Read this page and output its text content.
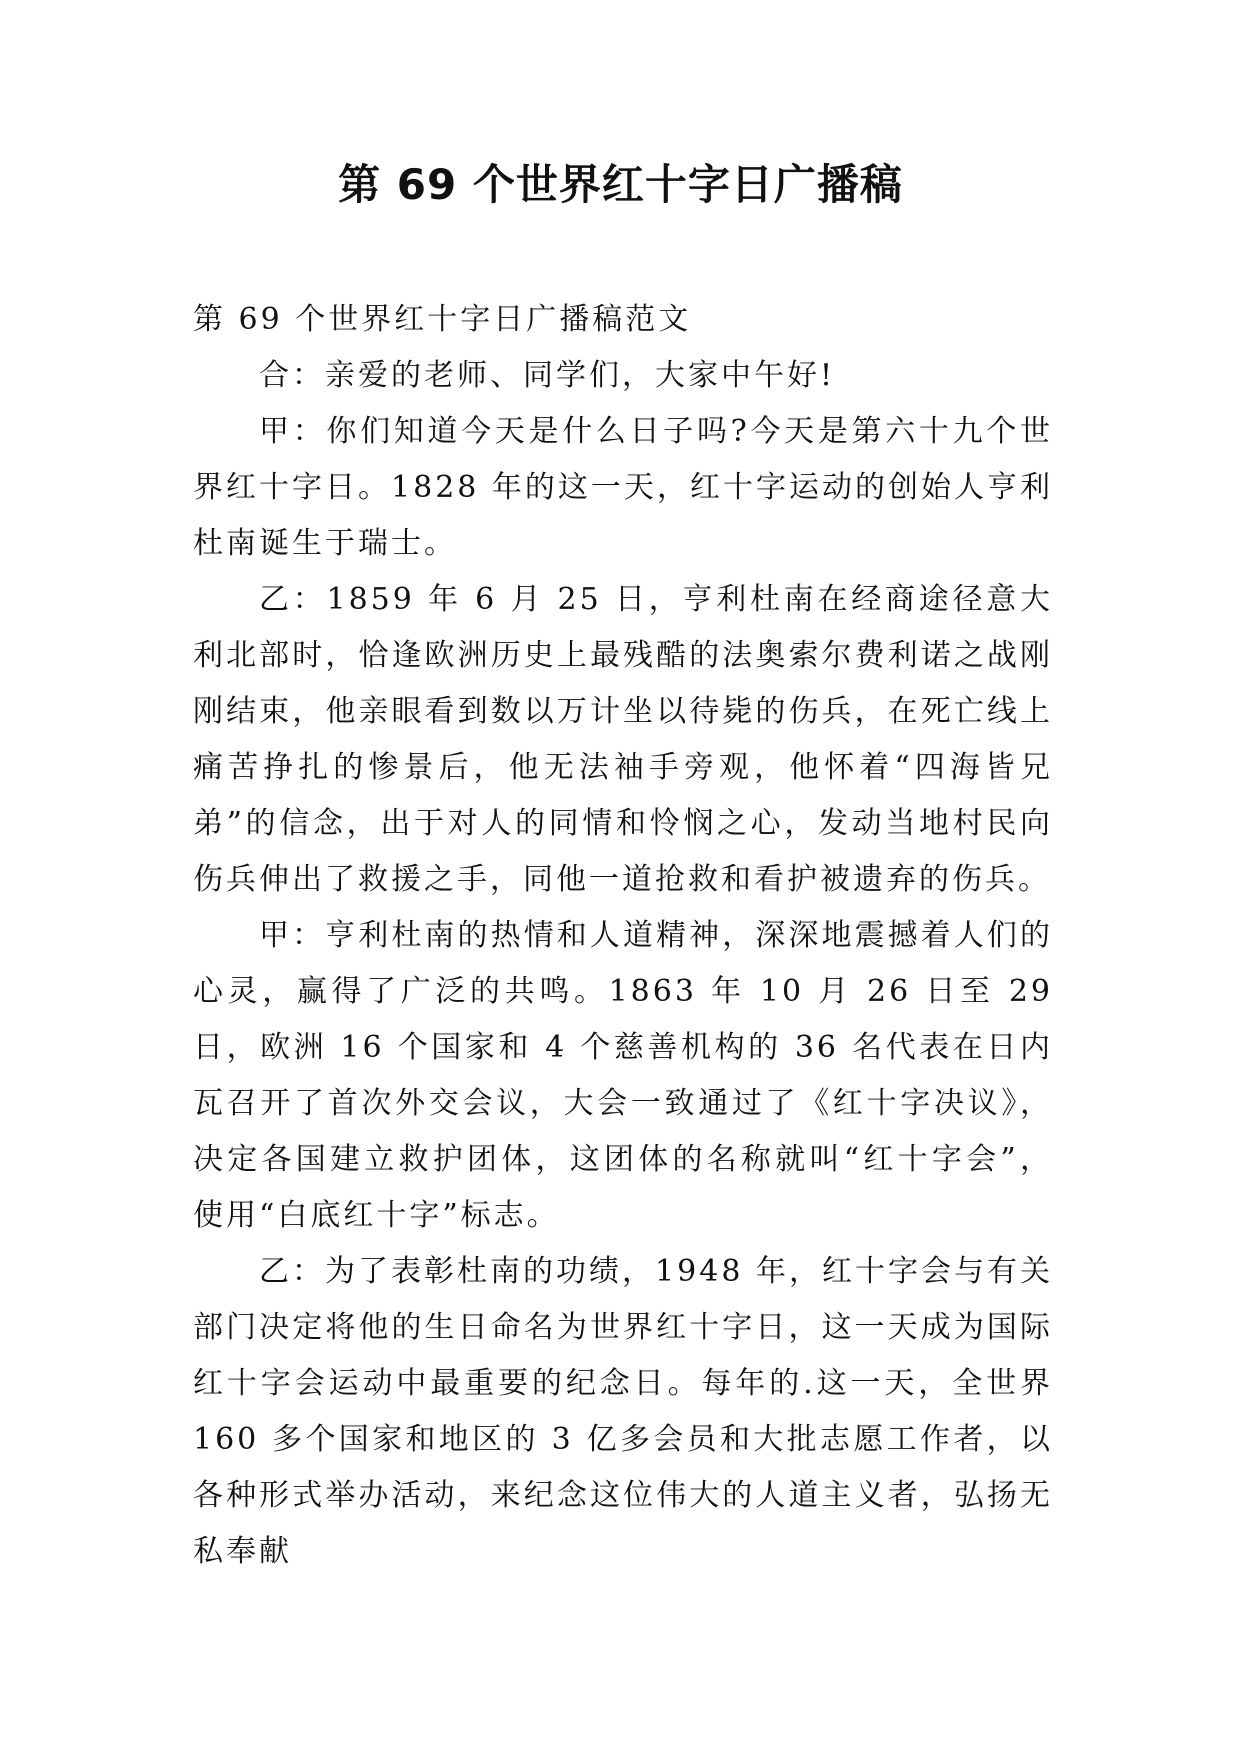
第 69 个世界红十字日广播稿

第 69 个世界红十字日广播稿范文

合：亲爱的老师、同学们，大家中午好!

甲：你们知道今天是什么日子吗?今天是第六十九个世界红十字日。1828 年的这一天，红十字运动的创始人亨利杜南诞生于瑞士。

乙：1859 年 6 月 25 日，亨利杜南在经商途径意大利北部时，恰逢欧洲历史上最残酷的法奥索尔费利诺之战刚刚结束，他亲眼看到数以万计坐以待毙的伤兵，在死亡线上痛苦挣扎的惨景后，他无法袖手旁观，他怀着“四海皆兄弟”的信念，出于对人的同情和怜悯之心，发动当地村民向伤兵伸出了救援之手，同他一道抢救和看护被遗弃的伤兵。

甲：亨利杜南的热情和人道精神，深深地震撼着人们的心灵，赢得了广泛的共鸣。1863 年 10 月 26 日至 29 日，欧洲 16 个国家和 4 个慈善机构的 36 名代表在日内瓦召开了首次外交会议，大会一致通过了《红十字决议》，决定各国建立救护团体，这团体的名称就叫“红十字会”，使用“白底红十字”标志。

乙：为了表彰杜南的功绩，1948 年，红十字会与有关部门决定将他的生日命名为世界红十字日，这一天成为国际红十字会运动中最重要的纪念日。每年的.这一天，全世界 160 多个国家和地区的 3 亿多会员和大批志愿工作者，以各种形式举办活动，来纪念这位伟大的人道主义者，弘扬无私奉献
